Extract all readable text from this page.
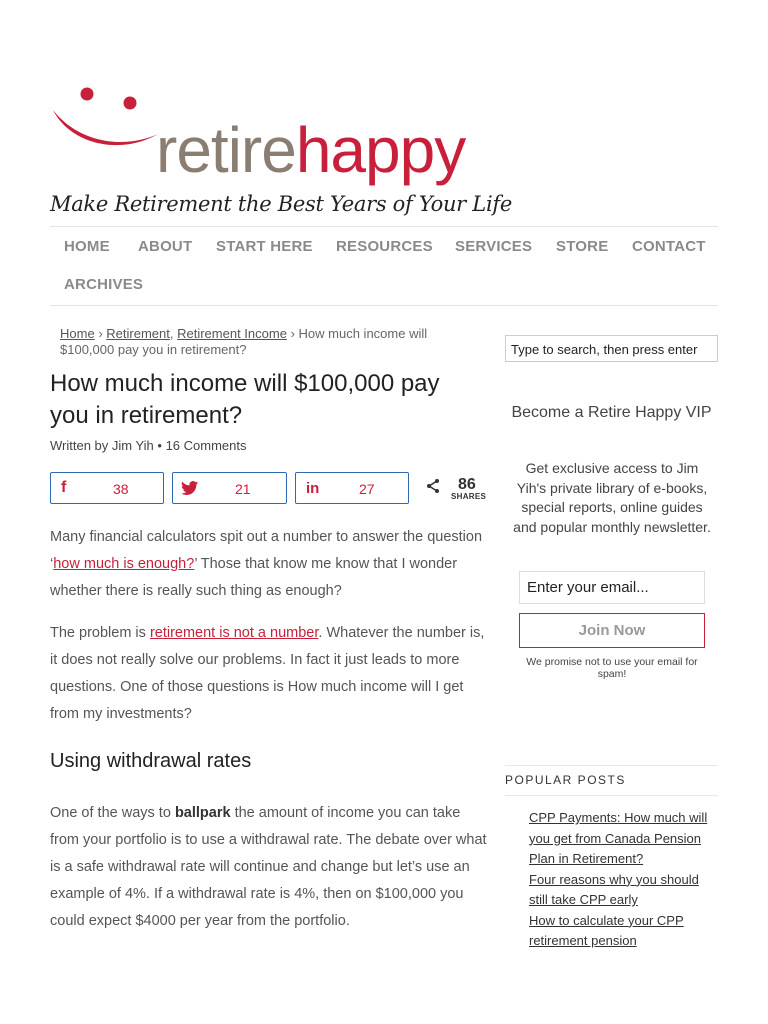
retirehappy
Make Retirement the Best Years of Your Life
HOME ABOUT START HERE RESOURCES SERVICES STORE CONTACT
ARCHIVES
Home › Retirement, Retirement Income › How much income will $100,000 pay you in retirement?
How much income will $100,000 pay you in retirement?
Written by Jim Yih • 16 Comments
f	38	21	in	27	86
SHARES

Many financial calculators spit out a number to answer the question ‘how much is enough?’ Those that know me know that I wonder whether there is really such thing as enough?

The problem is retirement is not a number. Whatever the number is, it does not really solve our problems. In fact it just leads to more questions. One of those questions is How much income will I get from my investments?

Using withdrawal rates

One of the ways to ballpark the amount of income you can take from your portfolio is to use a withdrawal rate. The debate over what is a safe withdrawal rate will continue and change but let’s use an example of 4%. If a withdrawal rate is 4%, then on $100,000 you could expect $4000 per year from the portfolio.

Type to search, then press enter
Become a Retire Happy VIP
Get exclusive access to Jim Yih's private library of e-books, special reports, online guides and popular monthly newsletter.
Enter your email...
Join Now
We promise not to use your email for spam!
POPULAR POSTS
CPP Payments: How much will you get from Canada Pension Plan in Retirement?
Four reasons why you should still take CPP early
How to calculate your CPP retirement pension
